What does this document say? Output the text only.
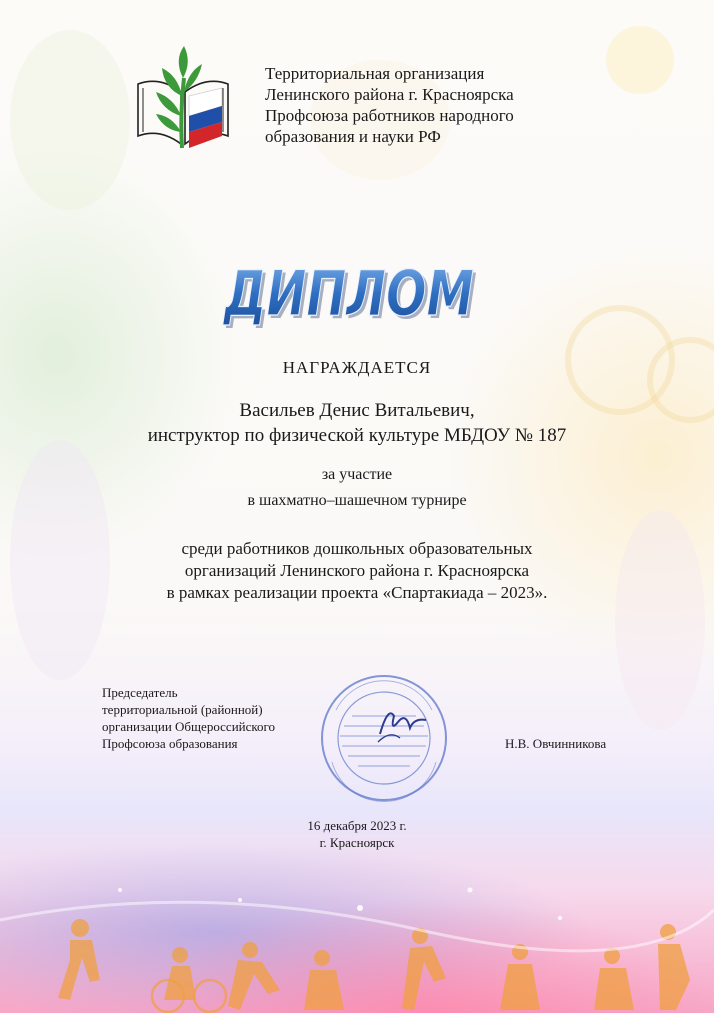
Территориальная организация
Ленинского района г. Красноярска
Профсоюза работников народного
образования и науки РФ
ДИПЛОМ
ДИПЛОМ
НАГРАЖДАЕТСЯ
Васильев Денис Витальевич,
инструктор по физической культуре МБДОУ № 187
за участие
в шахматно–шашечном турнире
среди работников дошкольных образовательных
организаций Ленинского района г. Красноярска
в рамках реализации проекта «Спартакиада – 2023».
Председатель
территориальной (районной)
организации Общероссийского
Профсоюза образования	Н.В. Овчинникова
16 декабря 2023 г.
г. Красноярск
